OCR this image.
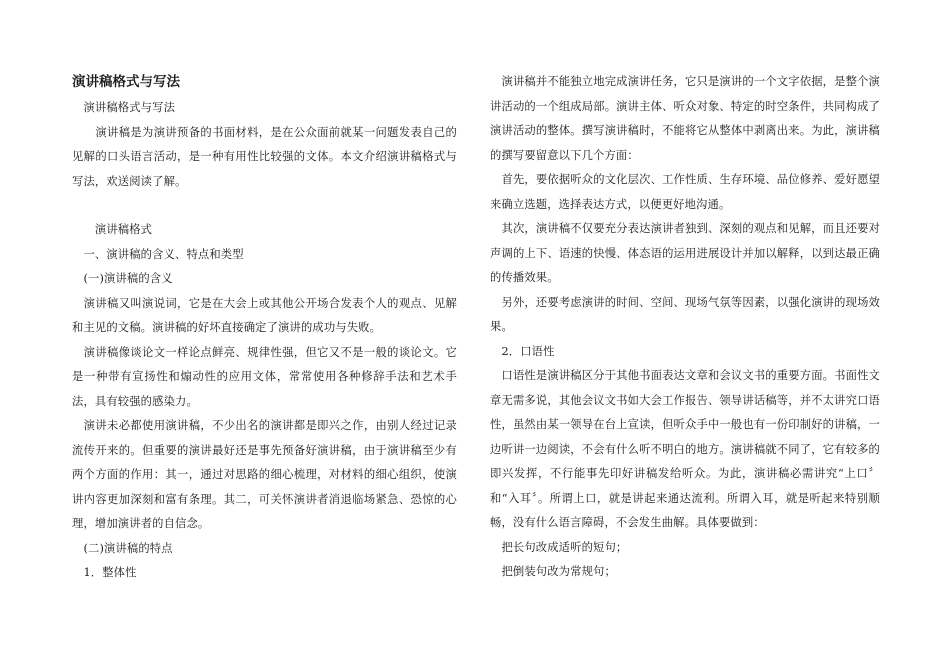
演讲稿格式与写法

　演讲稿格式与写法

　　演讲稿是为演讲预备的书面材料，是在公众面前就某一问题发表自己的见解的口头语言活动，是一种有用性比较强的文体。本文介绍演讲稿格式与写法，欢送阅读了解。

　　演讲稿格式

　一、演讲稿的含义、特点和类型

　(一)演讲稿的含义

　演讲稿又叫演说词，它是在大会上或其他公开场合发表个人的观点、见解和主见的文稿。演讲稿的好坏直接确定了演讲的成功与失败。

　演讲稿像谈论文一样论点鲜亮、规律性强，但它又不是一般的谈论文。它是一种带有宣扬性和煽动性的应用文体，常常使用各种修辞手法和艺术手法，具有较强的感染力。

　演讲未必都使用演讲稿，不少出名的演讲都是即兴之作，由别人经过记录流传开来的。但重要的演讲最好还是事先预备好演讲稿，由于演讲稿至少有两个方面的作用：其一，通过对思路的细心梳理，对材料的细心组织，使演讲内容更加深刻和富有条理。其二，可关怀演讲者消退临场紧急、恐惊的心理，增加演讲者的自信念。

　(二)演讲稿的特点

　1．整体性

　演讲稿并不能独立地完成演讲任务，它只是演讲的一个文字依据，是整个演讲活动的一个组成局部。演讲主体、听众对象、特定的时空条件，共同构成了演讲活动的整体。撰写演讲稿时，不能将它从整体中剥离出来。为此，演讲稿的撰写要留意以下几个方面：

　首先，要依据听众的文化层次、工作性质、生存环境、品位修养、爱好愿望来确立选题，选择表达方式，以便更好地沟通。

　其次，演讲稿不仅要充分表达演讲者独到、深刻的观点和见解，而且还要对声调的上下、语速的快慢、体态语的运用进展设计并加以解释，以到达最正确的传播效果。

　另外，还要考虑演讲的时间、空间、现场气氛等因素，以强化演讲的现场效果。

　2．口语性

　口语性是演讲稿区分于其他书面表达文章和会议文书的重要方面。书面性文章无需多说，其他会议文书如大会工作报告、领导讲话稿等，并不太讲究口语性，虽然由某一领导在台上宣读，但听众手中一般也有一份印制好的讲稿，一边听讲一边阅读，不会有什么听不明白的地方。演讲稿就不同了，它有较多的即兴发挥，不行能事先印好讲稿发给听众。为此，演讲稿必需讲究“上口〞和“入耳〞。所谓上口，就是讲起来通达流利。所谓入耳，就是听起来特别顺畅，没有什么语言障碍，不会发生曲解。具体要做到：

　把长句改成适听的短句；

　把倒装句改为常规句；
